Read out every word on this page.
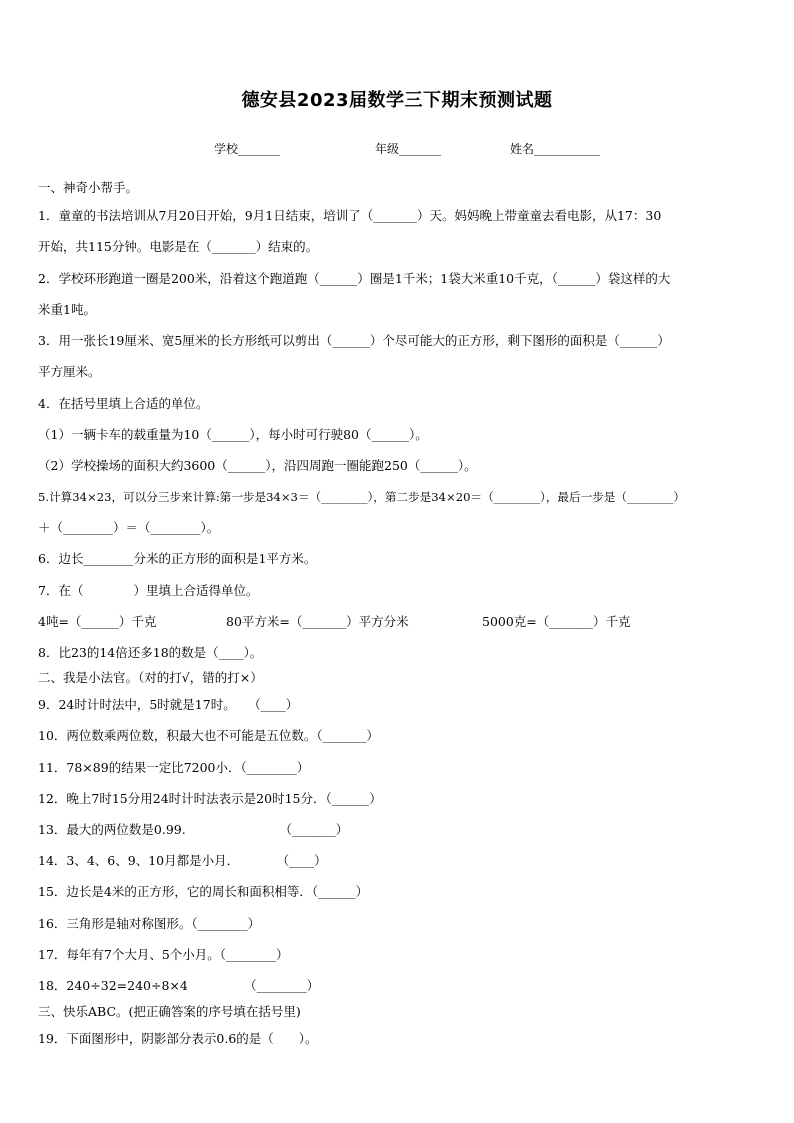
德安县2023届数学三下期末预测试题
学校_______	年级_______	姓名___________
一、神奇小帮手。
1．童童的书法培训从7月20日开始，9月1日结束，培训了（_______）天。妈妈晚上带童童去看电影，从17：30
开始，共115分钟。电影是在（_______）结束的。
2．学校环形跑道一圈是200米，沿着这个跑道跑（______）圈是1千米；1袋大米重10千克，（______）袋这样的大
米重1吨。
3．用一张长19厘米、宽5厘米的长方形纸可以剪出（______）个尽可能大的正方形，剩下图形的面积是（______）
平方厘米。
4．在括号里填上合适的单位。
（1）一辆卡车的载重量为10（______），每小时可行驶80（______）。
（2）学校操场的面积大约3600（______），沿四周跑一圈能跑250（______）。
5.计算34×23，可以分三步来计算:第一步是34×3＝（________），第二步是34×20＝（________），最后一步是（________）
＋（________）＝（________）。
6．边长________分米的正方形的面积是1平方米。
7．在（　　　　）里填上合适得单位。
4吨=（______）千克	80平方米=（_______）平方分米	5000克=（_______）千克
8．比23的14倍还多18的数是（____）。
二、我是小法官。（对的打√，错的打×）
9．24时计时法中，5时就是17时。　　（____）
10．两位数乘两位数，积最大也不可能是五位数。（_______）
11．78×89的结果一定比7200小．（________）
12．晚上7时15分用24时计时法表示是20时15分．（______）
13．最大的两位数是0.99.　　　　　　　　（_______）
14．3、4、6、9、10月都是小月．　　　　（____）
15．边长是4米的正方形，它的周长和面积相等．（______）
16．三角形是轴对称图形。（________）
17．每年有7个大月、5个小月。（________）
18．240÷32=240÷8×4　　　　　（________）
三、快乐ABC。(把正确答案的序号填在括号里)
19．下面图形中，阴影部分表示0.6的是（　　）。
